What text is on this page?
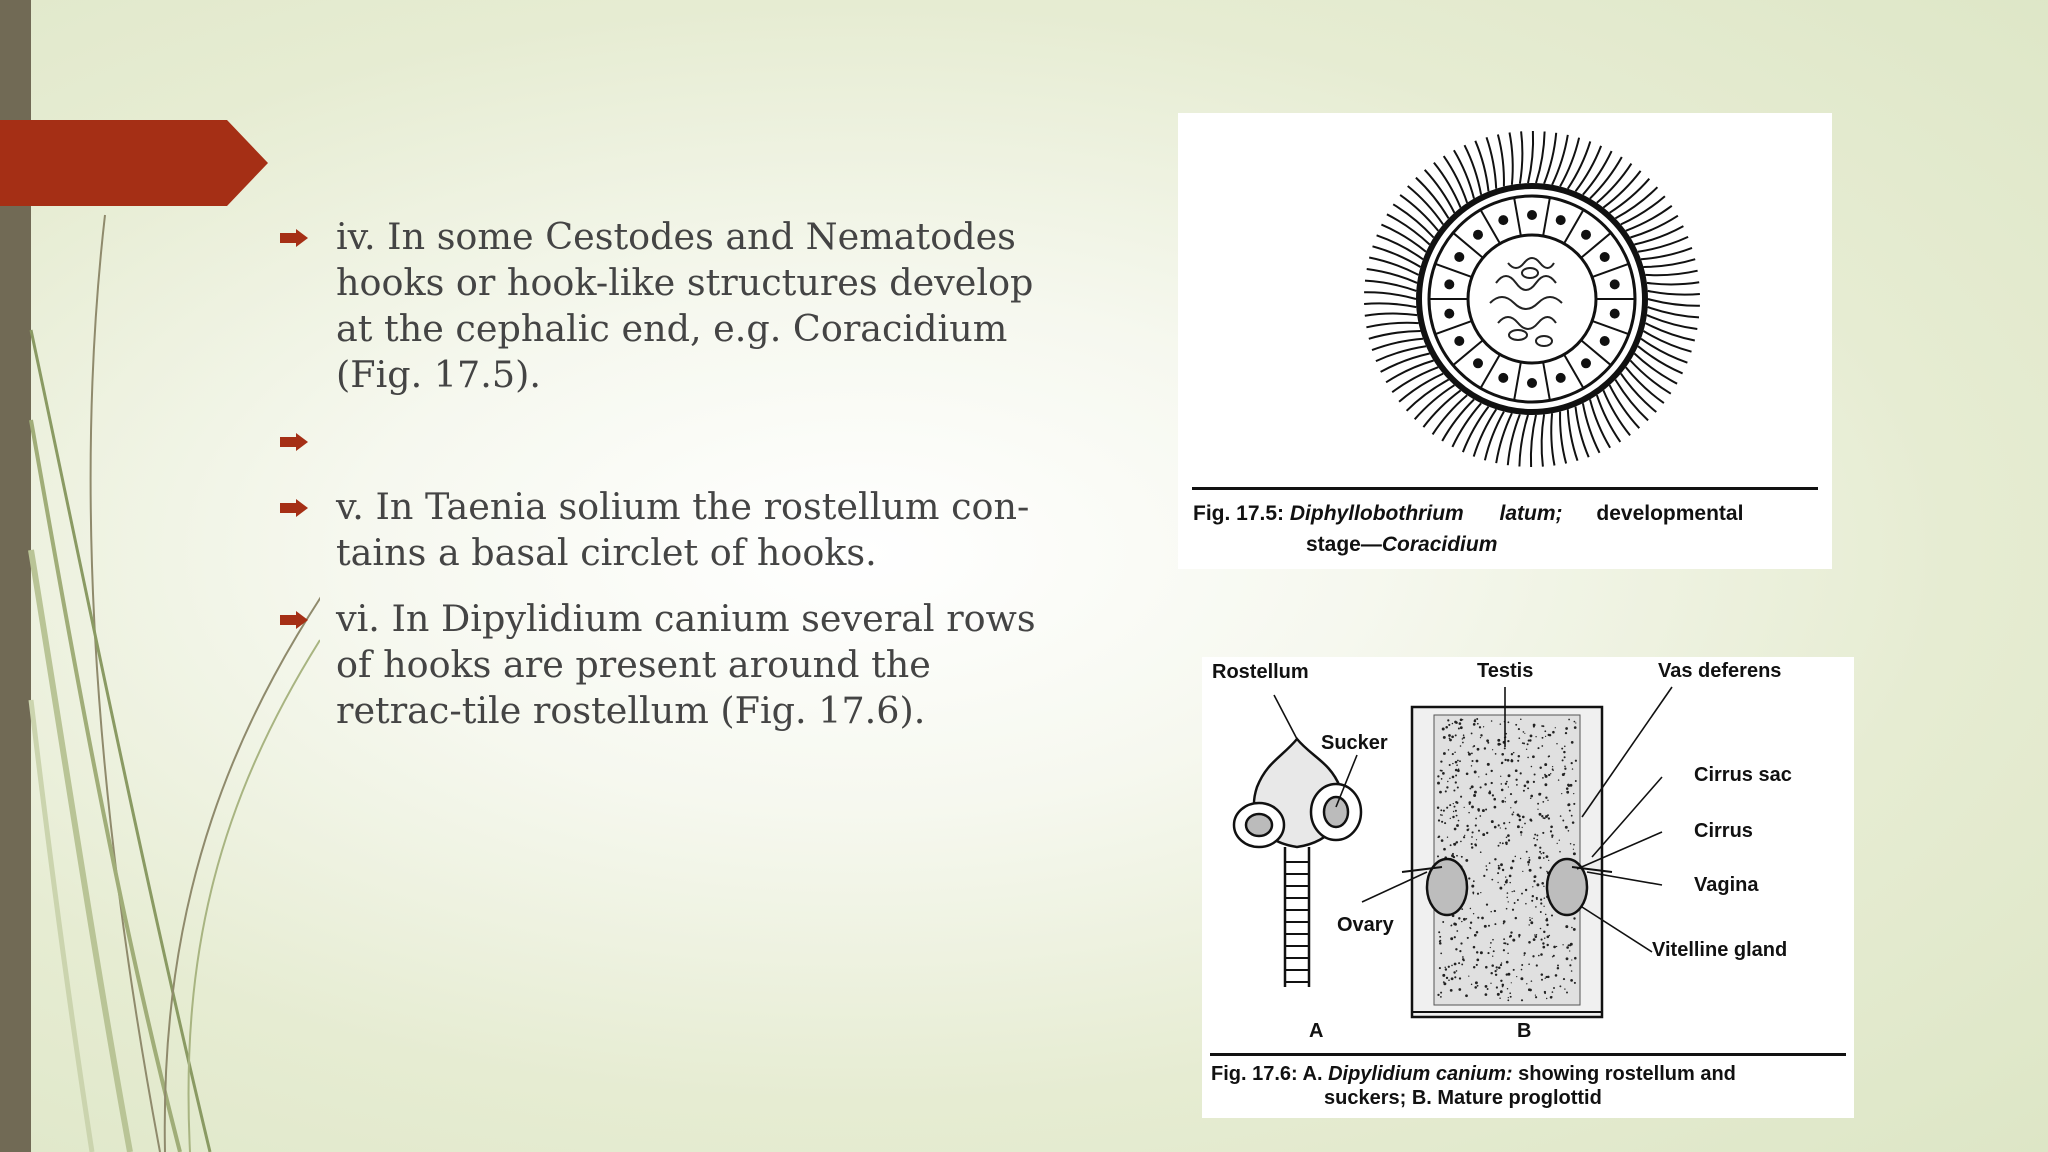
iv. In some Cestodes and Nematodes hooks or hook-like structures develop at the cephalic end, e.g. Coracidium (Fig. 17.5).
v. In Taenia solium the rostellum con-tains a basal circlet of hooks.
vi. In Dipylidium canium several rows of hooks are present around the retrac-tile rostellum (Fig. 17.6).
Fig. 17.5: Diphyllobothrium latum; developmental
stage—Coracidium
Rostellum	Testis	Vas deferens
Sucker
Cirrus sac
Cirrus
Vagina
Ovary
Vitelline gland
A	B
Fig. 17.6: A. Dipylidium canium: showing rostellum and
suckers; B. Mature proglottid
